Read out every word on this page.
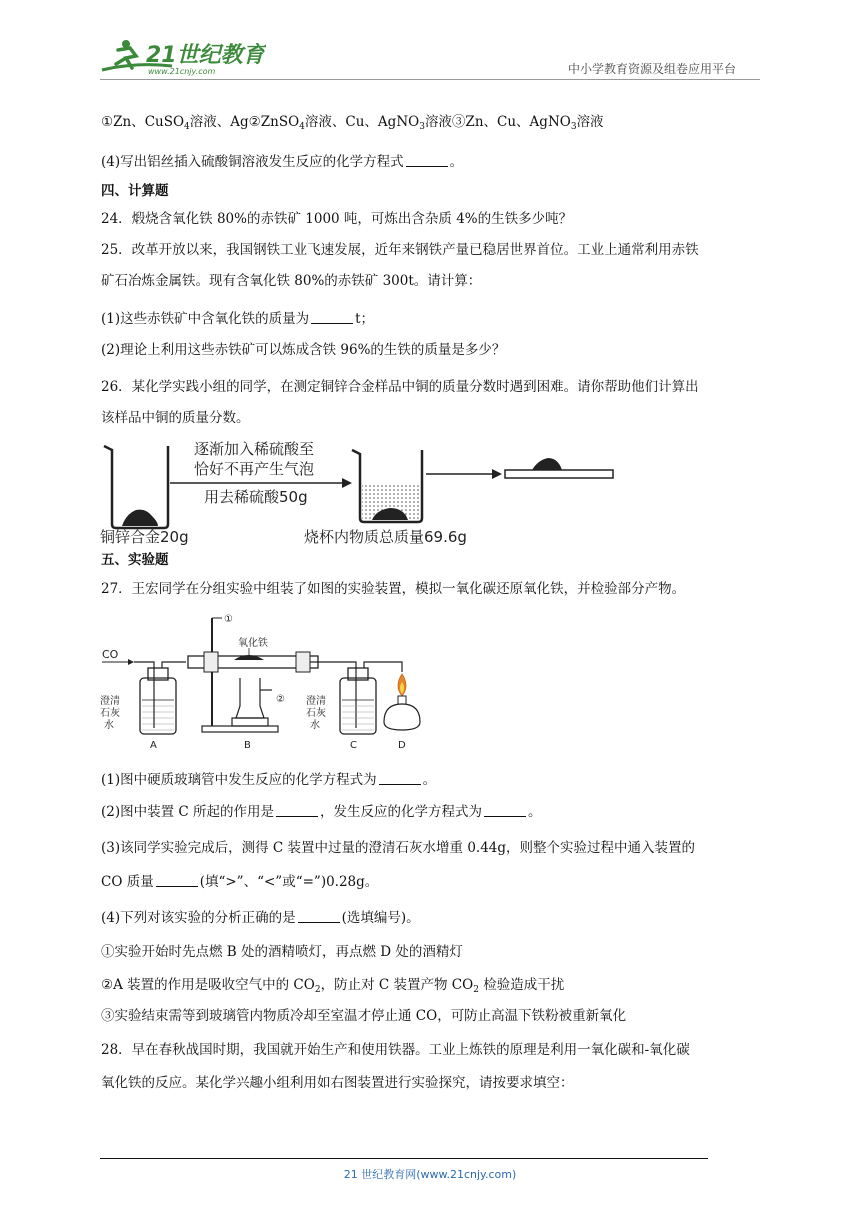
21世纪教育
www.21cnjy.com	中小学教育资源及组卷应用平台
①Zn、CuSO$_4$溶液、Ag②ZnSO$_4$溶液、Cu、AgNO$_3$溶液③Zn、Cu、AgNO$_3$溶液
(4)写出铝丝插入硫酸铜溶液发生反应的化学方程式	。
四、计算题
24．煅烧含氧化铁 80%的赤铁矿 1000 吨，可炼出含杂质 4%的生铁多少吨？
25．改革开放以来，我国钢铁工业飞速发展，近年来钢铁产量已稳居世界首位。工业上通常利用赤铁
矿石冶炼金属铁。现有含氧化铁 80%的赤铁矿 300t。请计算：
(1)这些赤铁矿中含氧化铁的质量为	t；
(2)理论上利用这些赤铁矿可以炼成含铁 96%的生铁的质量是多少？
26．某化学实践小组的同学，在测定铜锌合金样品中铜的质量分数时遇到困难。请你帮助他们计算出
该样品中铜的质量分数。
铜锌合金20g
逐渐加入稀硫酸至
恰好不再产生气泡
用去稀硫酸50g
烧杯内物质总质量69.6g
五、实验题
27．王宏同学在分组实验中组装了如图的实验装置，模拟一氧化碳还原氧化铁，并检验部分产物。
CO
澄清
石灰
水
A
①
氧化铁
②
B
澄清
石灰
水
C	D
(1)图中硬质玻璃管中发生反应的化学方程式为	。
(2)图中装置 C 所起的作用是	，发生反应的化学方程式为	。
(3)该同学实验完成后，测得 C 装置中过量的澄清石灰水增重 0.44g，则整个实验过程中通入装置的
CO 质量	(填“>”、“<”或“=”)0.28g。
(4)下列对该实验的分析正确的是	(选填编号)。
①实验开始时先点燃 B 处的酒精喷灯，再点燃 D 处的酒精灯
②A 装置的作用是吸收空气中的 $CO_2$，防止对 C 装置产物 $CO_2$ 检验造成干扰
③实验结束需等到玻璃管内物质冷却至室温才停止通 CO，可防止高温下铁粉被重新氧化
28．早在春秋战国时期，我国就开始生产和使用铁器。工业上炼铁的原理是利用一氧化碳和-氧化碳
氧化铁的反应。某化学兴趣小组利用如右图装置进行实验探究，请按要求填空：
21 世纪教育网(www.21cnjy.com)
